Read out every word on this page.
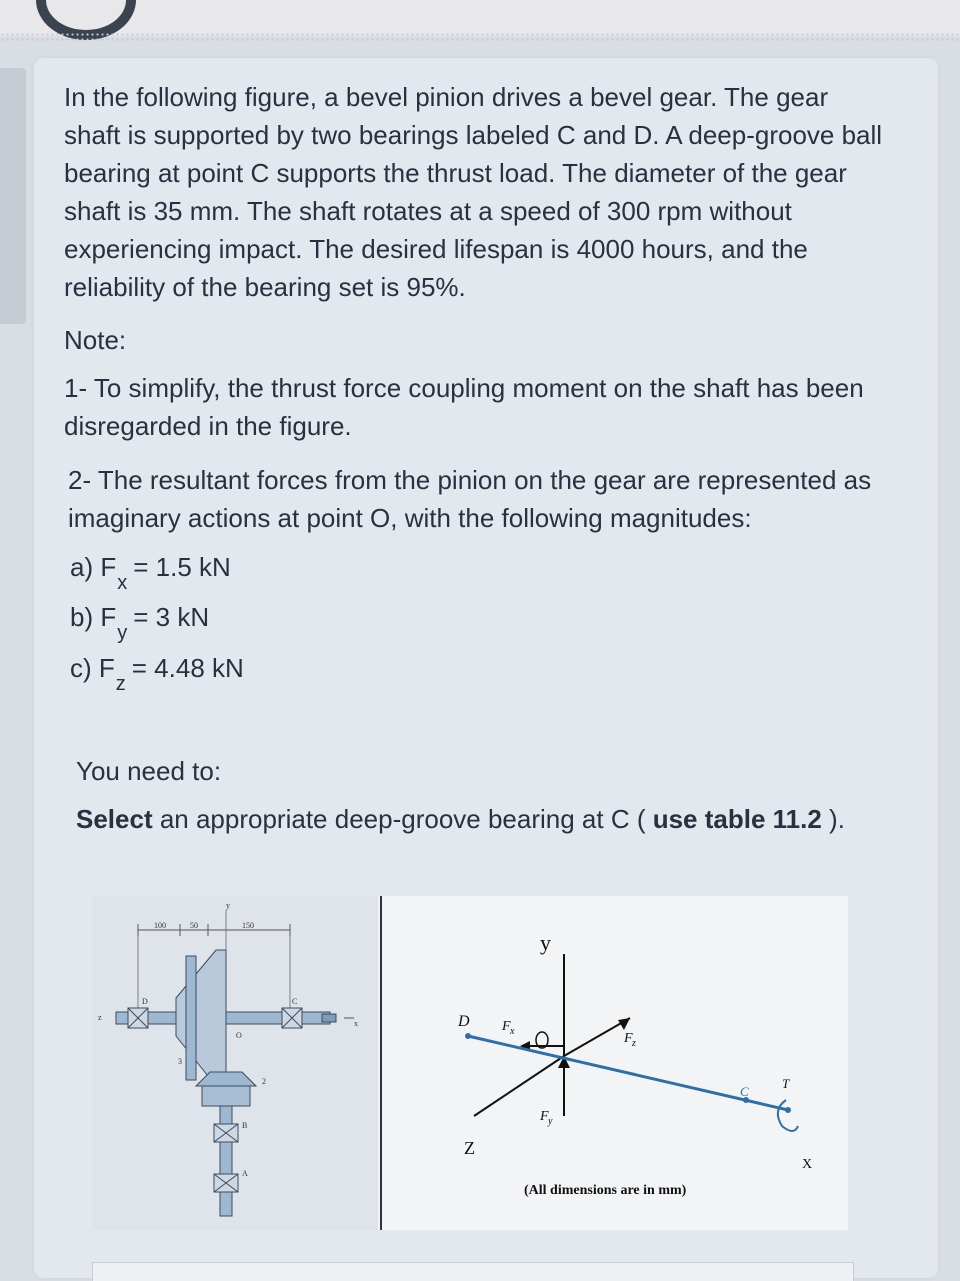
In the following figure, a bevel pinion drives a bevel gear. The gear shaft is supported by two bearings labeled C and D. A deep-groove ball bearing at point C supports the thrust load. The diameter of the gear shaft is 35 mm. The shaft rotates at a speed of 300 rpm without experiencing impact. The desired lifespan is 4000 hours, and the reliability of the bearing set is 95%.

Note:
1- To simplify, the thrust force coupling moment on the shaft has been disregarded in the figure.
2- The resultant forces from the pinion on the gear are represented as imaginary actions at point O, with the following magnitudes:
a) $F_x= 1.5$ kN
b) $F_y= 3$ kN
c) $F_z= 4.48$ kN
You need to:
Select an appropriate deep-groove bearing at C ( use table 11.2 ).
100	50	150
D	C
O
A
B
y
z
x
3
2
y
D F x	F z
F y
C
T
Z
X
(All dimensions are in mm)
